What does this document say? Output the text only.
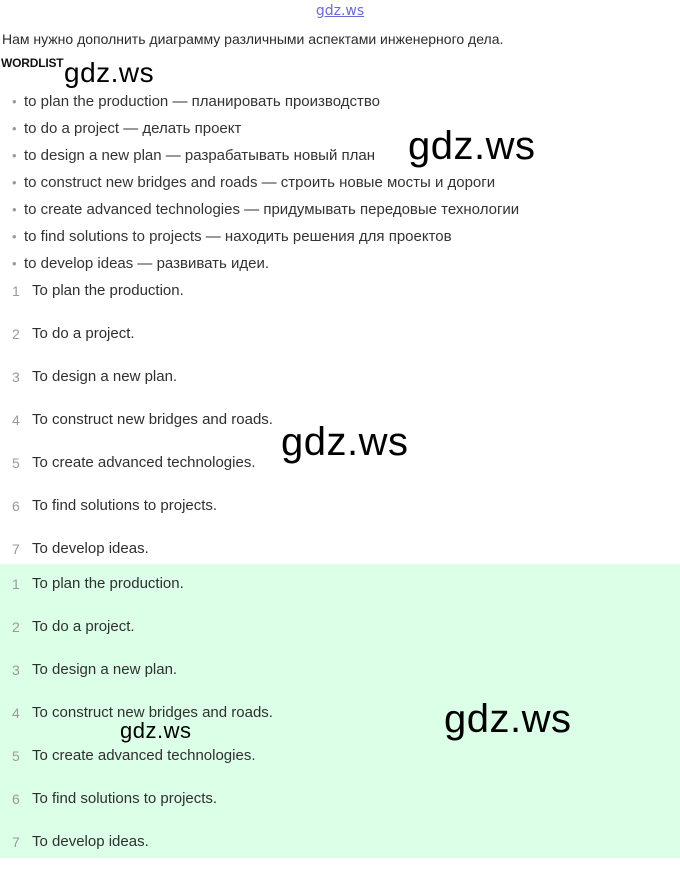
gdz.ws
Нам нужно дополнить диаграмму различными аспектами инженерного дела.
WORDLIST
• to plan the production — планировать производство
• to do a project — делать проект
• to design a new plan — разрабатывать новый план
• to construct new bridges and roads — строить новые мосты и дороги
• to create advanced technologies — придумывать передовые технологии
• to find solutions to projects — находить решения для проектов
• to develop ideas — развивать идеи.
1 To plan the production.
2 To do a project.
3 To design a new plan.
4 To construct new bridges and roads.
5 To create advanced technologies.
6 To find solutions to projects.
7 To develop ideas.
1 To plan the production.
2 To do a project.
3 To design a new plan.
4 To construct new bridges and roads.
5 To create advanced technologies.
6 To find solutions to projects.
7 To develop ideas.
gdz.ws
gdz.ws
gdz.ws
gdz.ws
gdz.ws
